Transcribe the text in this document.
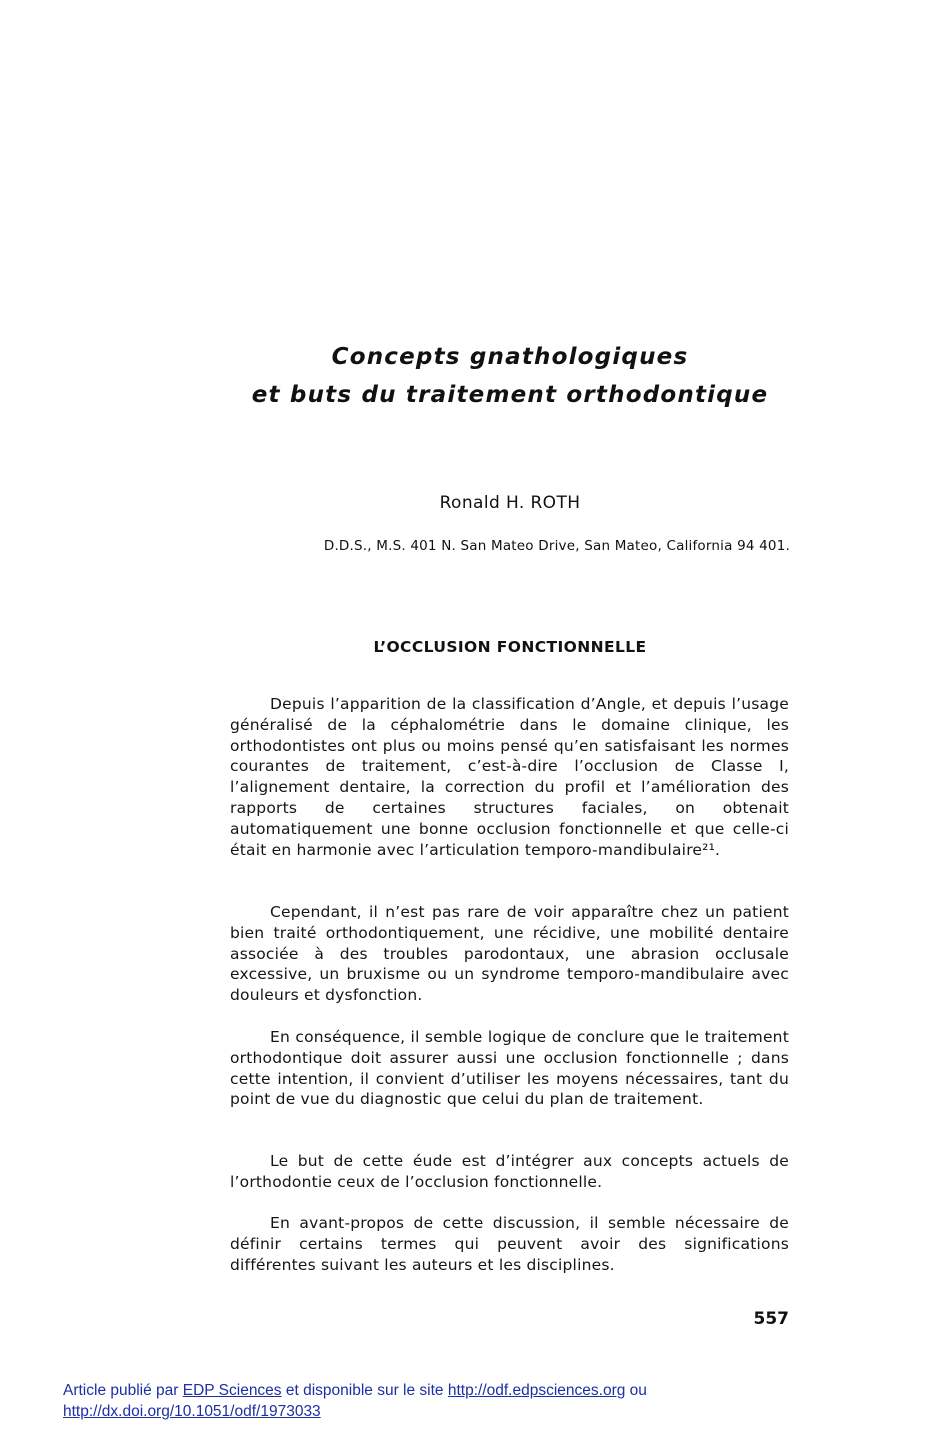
Concepts gnathologiques
et buts du traitement orthodontique
Ronald H. ROTH
D.D.S., M.S. 401 N. San Mateo Drive, San Mateo, California 94 401.
L’OCCLUSION FONCTIONNELLE

Depuis l’apparition de la classification d’Angle, et depuis l’usage généralisé de la céphalométrie dans le domaine clinique, les orthodontistes ont plus ou moins pensé qu’en satisfaisant les normes courantes de traitement, c’est-à-dire l’occlusion de Classe I, l’alignement dentaire, la correction du profil et l’amélioration des rapports de certaines structures faciales, on obtenait automatiquement une bonne occlusion fonctionnelle et que celle-ci était en harmonie avec l’articulation temporo-mandibulaire²¹.

Cependant, il n’est pas rare de voir apparaître chez un patient bien traité orthodontiquement, une récidive, une mobilité dentaire associée à des troubles parodontaux, une abrasion occlusale excessive, un bruxisme ou un syndrome temporo-mandibulaire avec douleurs et dysfonction.

En conséquence, il semble logique de conclure que le traitement orthodontique doit assurer aussi une occlusion fonctionnelle ; dans cette intention, il convient d’utiliser les moyens nécessaires, tant du point de vue du diagnostic que celui du plan de traitement.

Le but de cette éude est d’intégrer aux concepts actuels de l’orthodontie ceux de l’occlusion fonctionnelle.

En avant-propos de cette discussion, il semble nécessaire de définir certains termes qui peuvent avoir des significations différentes suivant les auteurs et les disciplines.

557
Article publié par EDP Sciences et disponible sur le site http://odf.edpsciences.org ou
http://dx.doi.org/10.1051/odf/1973033
